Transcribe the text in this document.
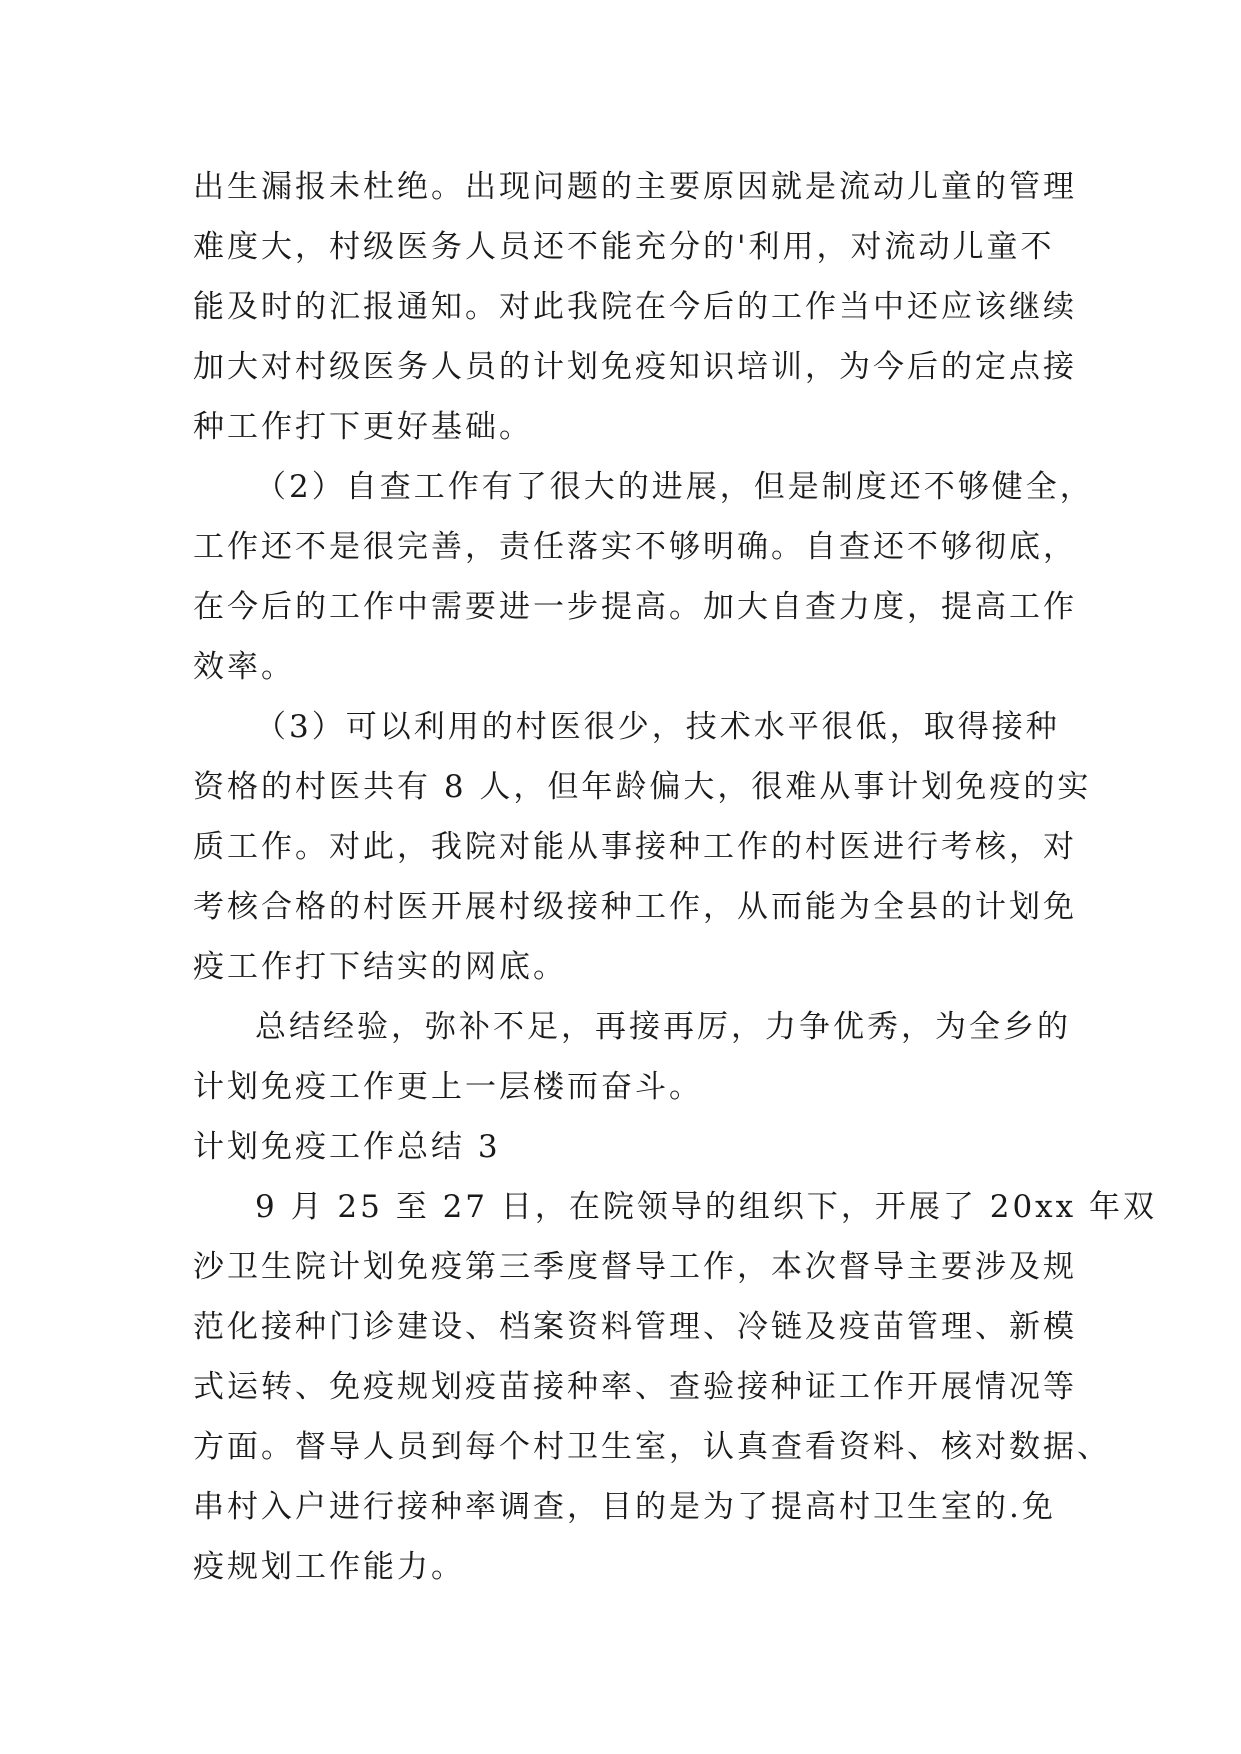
出生漏报未杜绝。出现问题的主要原因就是流动儿童的管理
难度大，村级医务人员还不能充分的'利用，对流动儿童不
能及时的汇报通知。对此我院在今后的工作当中还应该继续
加大对村级医务人员的计划免疫知识培训，为今后的定点接
种工作打下更好基础。
（2）自查工作有了很大的进展，但是制度还不够健全，
工作还不是很完善，责任落实不够明确。自查还不够彻底，
在今后的工作中需要进一步提高。加大自查力度，提高工作
效率。
（3）可以利用的村医很少，技术水平很低，取得接种
资格的村医共有 8 人，但年龄偏大，很难从事计划免疫的实
质工作。对此，我院对能从事接种工作的村医进行考核，对
考核合格的村医开展村级接种工作，从而能为全县的计划免
疫工作打下结实的网底。
总结经验，弥补不足，再接再厉，力争优秀，为全乡的
计划免疫工作更上一层楼而奋斗。
计划免疫工作总结 3
9 月 25 至 27 日，在院领导的组织下，开展了 20xx 年双
沙卫生院计划免疫第三季度督导工作，本次督导主要涉及规
范化接种门诊建设、档案资料管理、冷链及疫苗管理、新模
式运转、免疫规划疫苗接种率、查验接种证工作开展情况等
方面。督导人员到每个村卫生室，认真查看资料、核对数据、
串村入户进行接种率调查，目的是为了提高村卫生室的.免
疫规划工作能力。
